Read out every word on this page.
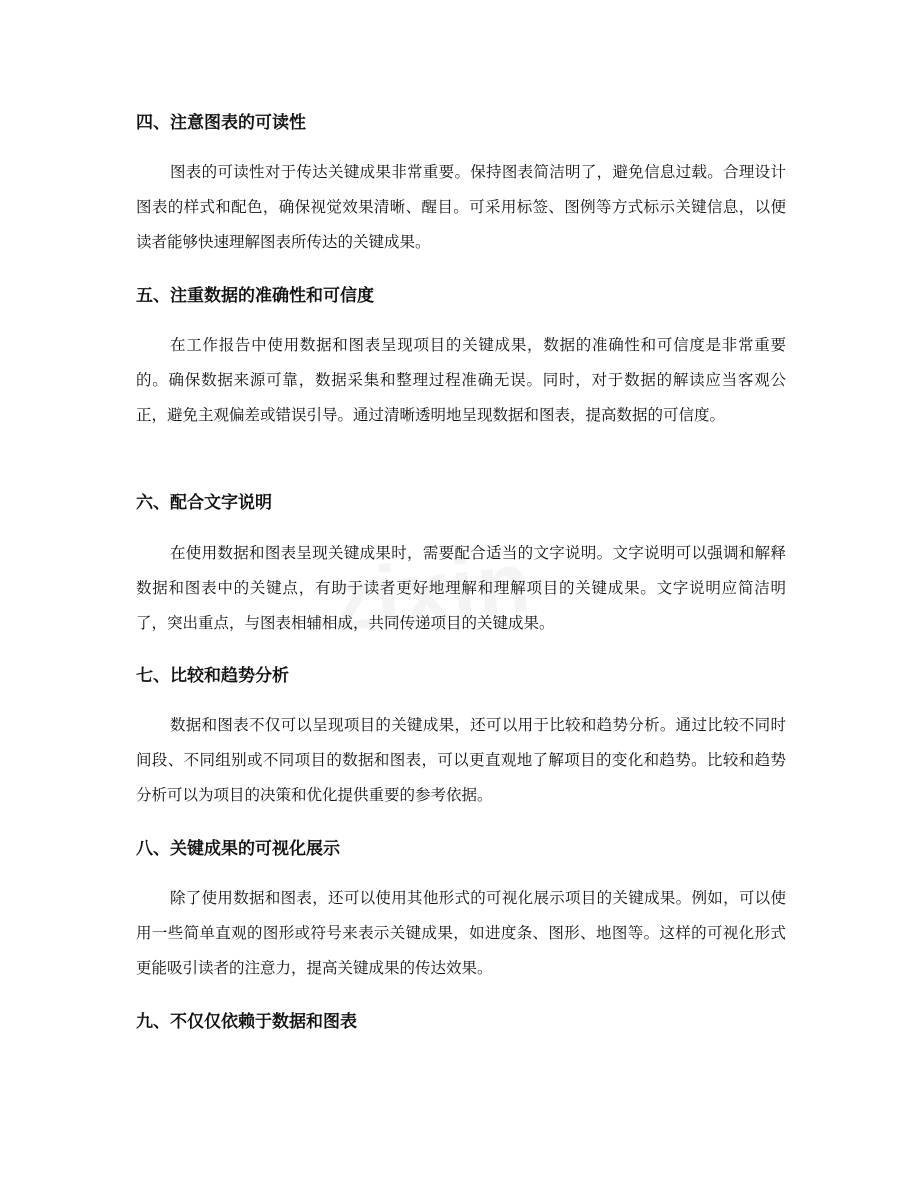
四、注意图表的可读性

图表的可读性对于传达关键成果非常重要。保持图表简洁明了，避免信息过载。合理设计图表的样式和配色，确保视觉效果清晰、醒目。可采用标签、图例等方式标示关键信息，以便读者能够快速理解图表所传达的关键成果。

五、注重数据的准确性和可信度

在工作报告中使用数据和图表呈现项目的关键成果，数据的准确性和可信度是非常重要的。确保数据来源可靠，数据采集和整理过程准确无误。同时，对于数据的解读应当客观公正，避免主观偏差或错误引导。通过清晰透明地呈现数据和图表，提高数据的可信度。

六、配合文字说明

在使用数据和图表呈现关键成果时，需要配合适当的文字说明。文字说明可以强调和解释数据和图表中的关键点，有助于读者更好地理解和理解项目的关键成果。文字说明应简洁明了，突出重点，与图表相辅相成，共同传递项目的关键成果。

七、比较和趋势分析

数据和图表不仅可以呈现项目的关键成果，还可以用于比较和趋势分析。通过比较不同时间段、不同组别或不同项目的数据和图表，可以更直观地了解项目的变化和趋势。比较和趋势分析可以为项目的决策和优化提供重要的参考依据。

八、关键成果的可视化展示

除了使用数据和图表，还可以使用其他形式的可视化展示项目的关键成果。例如，可以使用一些简单直观的图形或符号来表示关键成果，如进度条、图形、地图等。这样的可视化形式更能吸引读者的注意力，提高关键成果的传达效果。

九、不仅仅依赖于数据和图表
